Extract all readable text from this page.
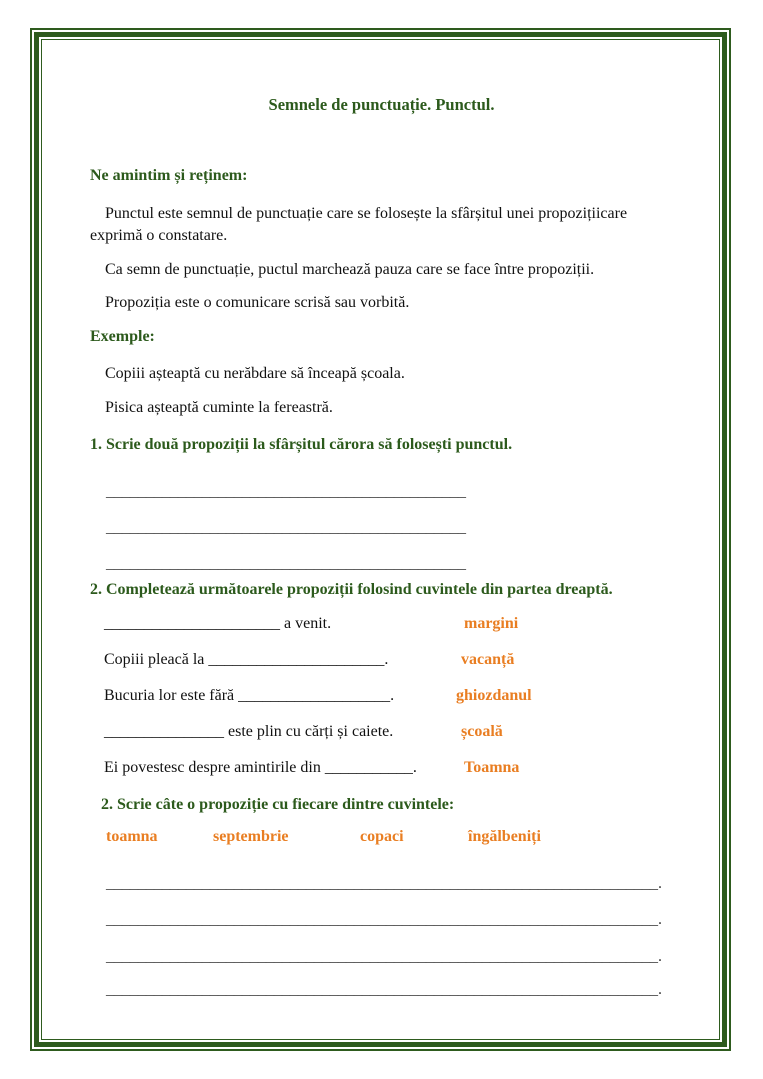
Semnele de punctuație. Punctul.
Ne amintim și reținem:
Punctul este semnul de punctuație care se folosește la sfârșitul unei propozițiicare exprimă o constatare.
Ca semn de punctuație, puctul marchează pauza care se face între propoziții.
Propoziția este o comunicare scrisă sau vorbită.
Exemple:
Copiii așteaptă cu nerăbdare să înceapă școala.
Pisica așteaptă cuminte la fereastră.
1. Scrie două propoziții la sfârșitul cărora să folosești punctul.
_____________________________________________
_____________________________________________
_____________________________________________
2. Completează următoarele propoziții folosind cuvintele din partea dreaptă.
______________________ a venit.	margini
Copiii pleacă la ______________________.	vacanță
Bucuria lor este fără ___________________.	ghiozdanul
_______________ este plin cu cărți și caiete.	școală
Ei povestesc despre amintirile din ___________.	Toamna
2. Scrie câte o propoziție cu fiecare dintre cuvintele:
toamna	septembrie	copaci	îngălbeniți
_____________________________________________________________________.
_____________________________________________________________________.
_____________________________________________________________________.
_____________________________________________________________________.
